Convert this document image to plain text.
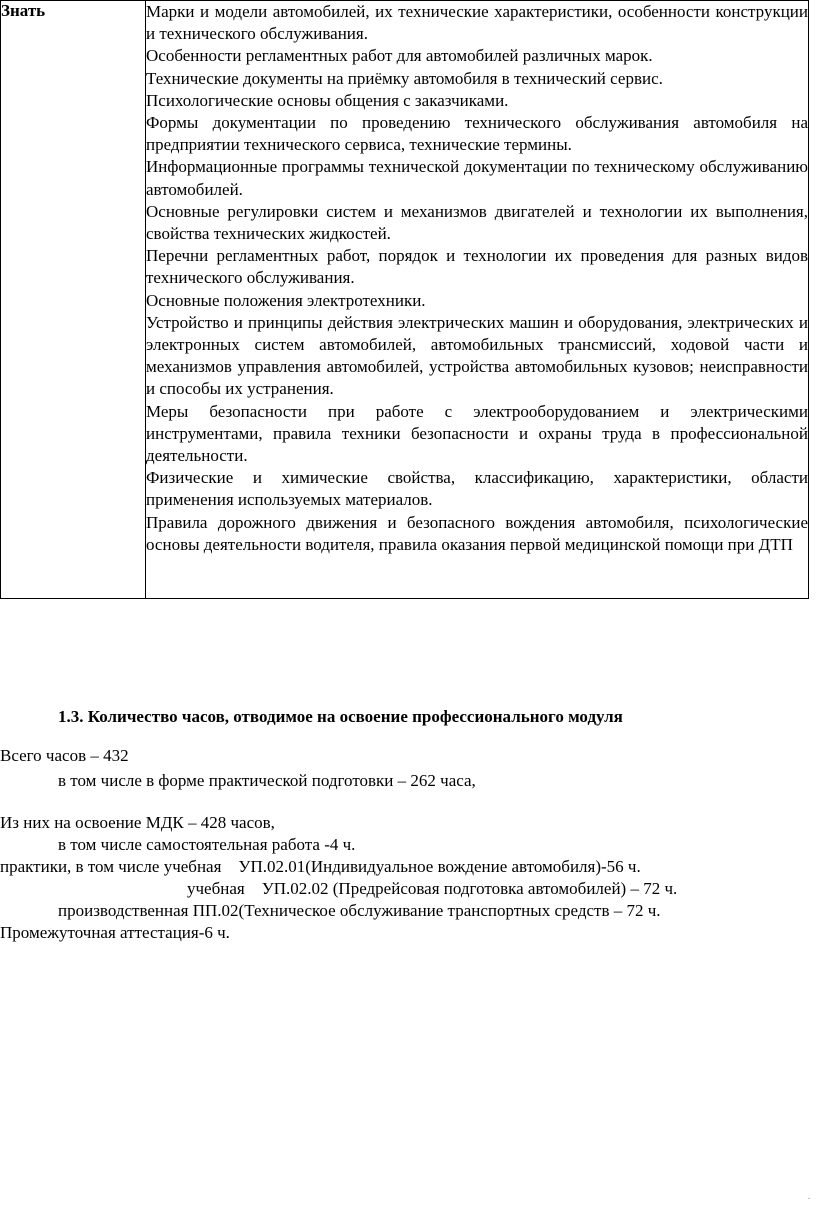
Знать	Марки и модели автомобилей, их технические характеристики, особенности конструкции и технического обслуживания.

Особенности регламентных работ для автомобилей различных марок.

Технические документы на приёмку автомобиля в технический сервис.

Психологические основы общения с заказчиками.

Формы документации по проведению технического обслуживания автомобиля на предприятии технического сервиса, технические термины.

Информационные программы технической документации по техническому обслуживанию автомобилей.

Основные регулировки систем и механизмов двигателей и технологии их выполнения, свойства технических жидкостей.

Перечни регламентных работ, порядок и технологии их проведения для разных видов технического обслуживания.

Основные положения электротехники.

Устройство и принципы действия электрических машин и оборудования, электрических и электронных систем автомобилей, автомобильных трансмиссий, ходовой части и механизмов управления автомобилей, устройства автомобильных кузовов; неисправности и способы их устранения.

Меры безопасности при работе с электрооборудованием и электрическими инструментами, правила техники безопасности и охраны труда в профессиональной деятельности.

Физические и химические свойства, классификацию, характеристики, области применения используемых материалов.

Правила дорожного движения и безопасного вождения автомобиля, психологические основы деятельности водителя, правила оказания первой медицинской помощи при ДТП

1.3. Количество часов, отводимое на освоение профессионального модуля

Всего часов – 432

в том числе в форме практической подготовки – 262 часа,

Из них на освоение МДК – 428 часов,

в том числе самостоятельная работа -4 ч.

практики, в том числе учебная    УП.02.01(Индивидуальное вождение автомобиля)-56 ч.

учебная    УП.02.02 (Предрейсовая подготовка автомобилей) – 72 ч.

производственная ПП.02(Техническое обслуживание транспортных средств – 72 ч.

Промежуточная аттестация-6 ч.

.
